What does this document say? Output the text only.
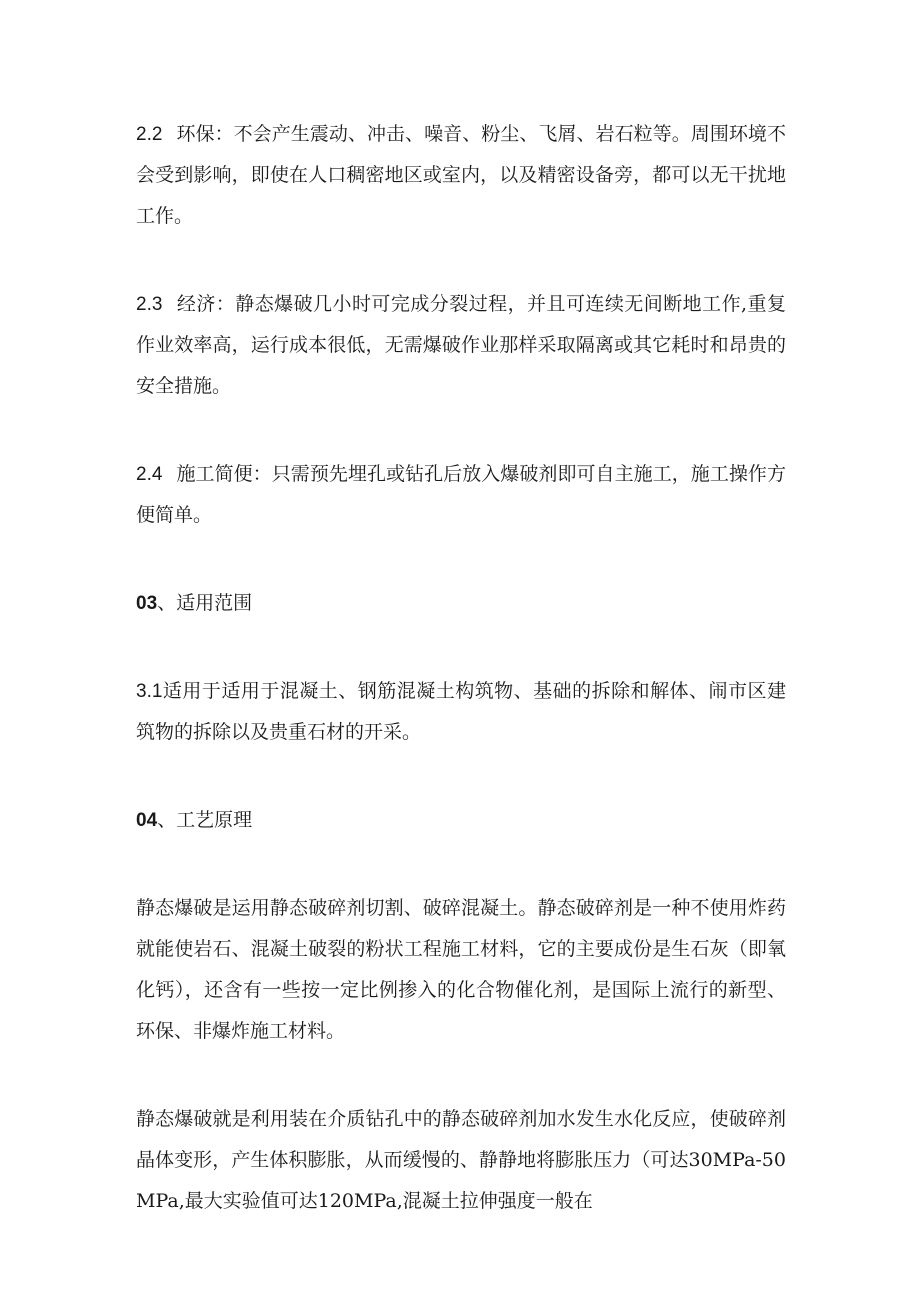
2.2 环保：不会产生震动、冲击、噪音、粉尘、飞屑、岩石粒等。周围环境不会受到影响，即使在人口稠密地区或室内，以及精密设备旁，都可以无干扰地工作。

2.3 经济：静态爆破几小时可完成分裂过程，并且可连续无间断地工作,重复作业效率高，运行成本很低，无需爆破作业那样采取隔离或其它耗时和昂贵的安全措施。

2.4 施工简便：只需预先埋孔或钻孔后放入爆破剂即可自主施工，施工操作方便简单。

03、适用范围

3.1适用于适用于混凝土、钢筋混凝土构筑物、基础的拆除和解体、闹市区建筑物的拆除以及贵重石材的开采。

04、工艺原理

静态爆破是运用静态破碎剂切割、破碎混凝土。静态破碎剂是一种不使用炸药就能使岩石、混凝土破裂的粉状工程施工材料，它的主要成份是生石灰（即氧化钙），还含有一些按一定比例掺入的化合物催化剂，是国际上流行的新型、环保、非爆炸施工材料。

静态爆破就是利用装在介质钻孔中的静态破碎剂加水发生水化反应，使破碎剂晶体变形，产生体积膨胀，从而缓慢的、静静地将膨胀压力（可达30MPa-50MPa,最大实验值可达120MPa,混凝土拉伸强度一般在
